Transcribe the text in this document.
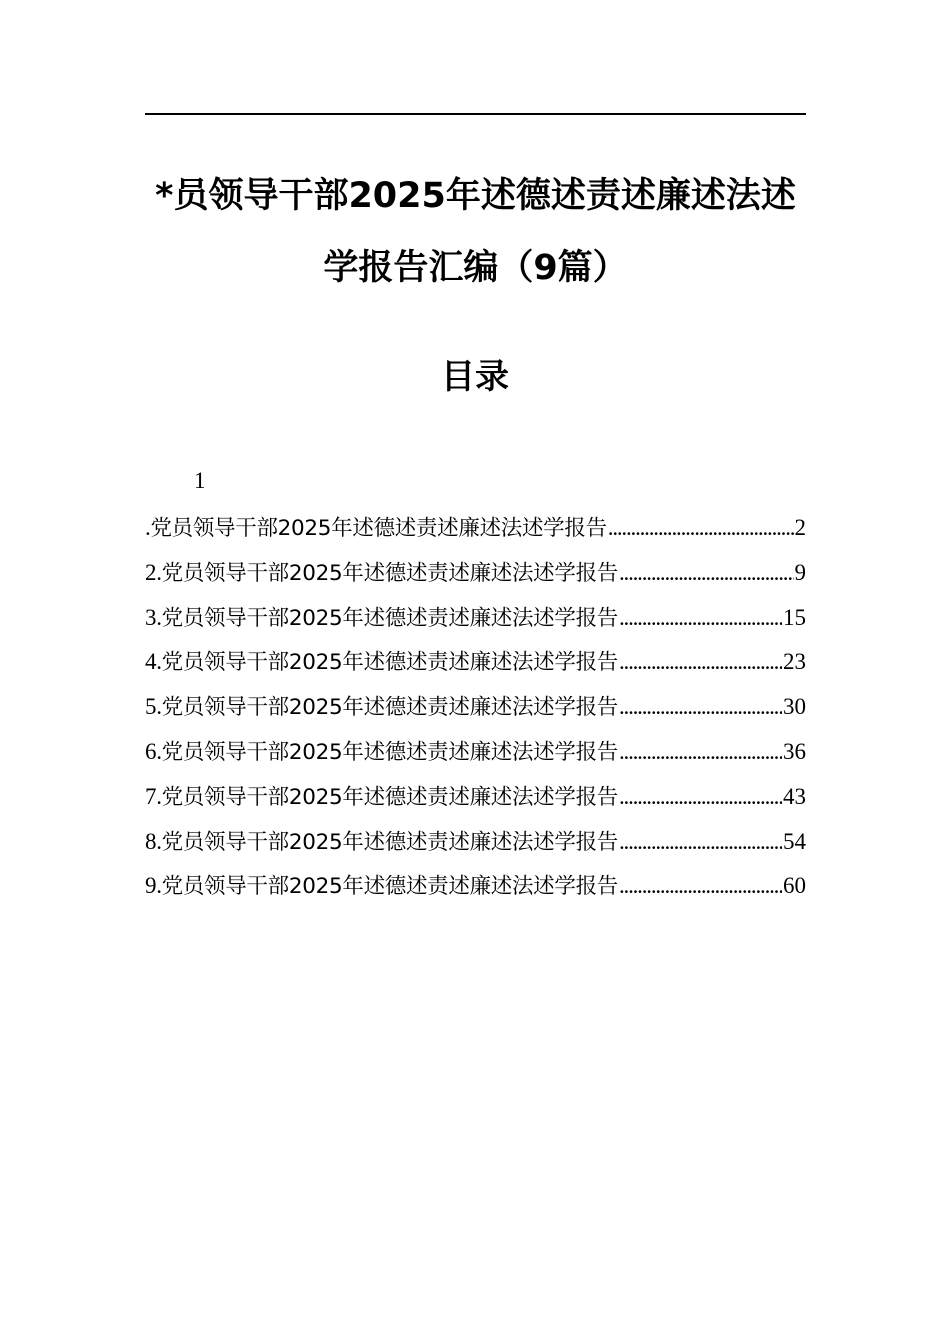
*员领导干部2025年述德述责述廉述法述
学报告汇编（9篇）
目录
1
.党员领导干部2025年述德述责述廉述法述学报告 .....	2
2.党员领导干部2025年述德述责述廉述法述学报告 .....	9
3.党员领导干部2025年述德述责述廉述法述学报告 .....	15
4.党员领导干部2025年述德述责述廉述法述学报告 .....	23
5.党员领导干部2025年述德述责述廉述法述学报告 .....	30
6.党员领导干部2025年述德述责述廉述法述学报告 .....	36
7.党员领导干部2025年述德述责述廉述法述学报告 .....	43
8.党员领导干部2025年述德述责述廉述法述学报告 .....	54
9.党员领导干部2025年述德述责述廉述法述学报告 .....	60
